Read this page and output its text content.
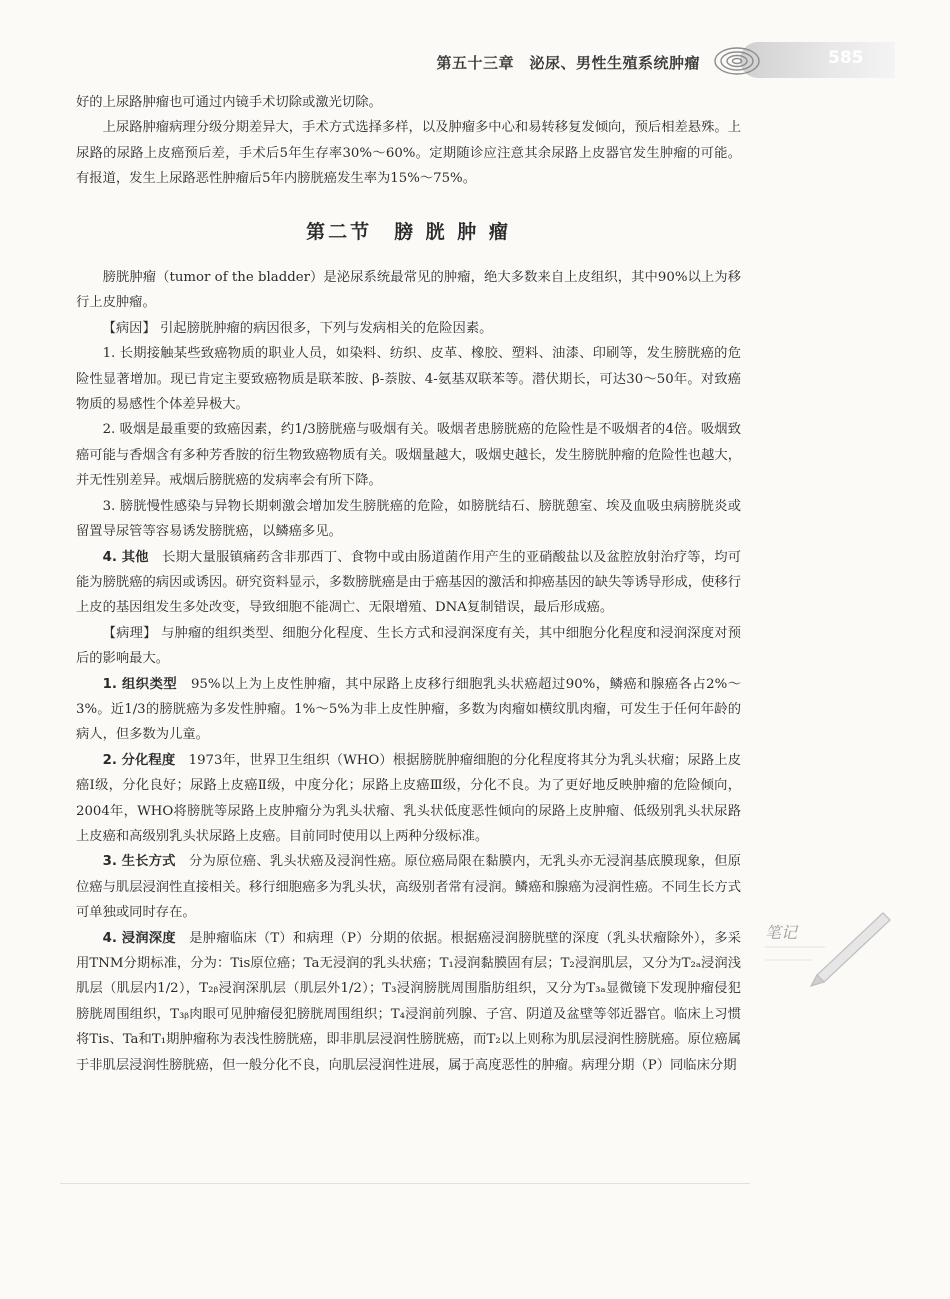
第五十三章　泌尿、男性生殖系统肿瘤	585

好的上尿路肿瘤也可通过内镜手术切除或激光切除。

上尿路肿瘤病理分级分期差异大，手术方式选择多样，以及肿瘤多中心和易转移复发倾向，预后相差悬殊。上尿路的尿路上皮癌预后差，手术后5年生存率30%～60%。定期随诊应注意其余尿路上皮器官发生肿瘤的可能。有报道，发生上尿路恶性肿瘤后5年内膀胱癌发生率为15%～75%。

第二节　膀 胱 肿 瘤

膀胱肿瘤（tumor of the bladder）是泌尿系统最常见的肿瘤，绝大多数来自上皮组织，其中90%以上为移行上皮肿瘤。

【病因】 引起膀胱肿瘤的病因很多，下列与发病相关的危险因素。

1. 长期接触某些致癌物质的职业人员，如染料、纺织、皮革、橡胶、塑料、油漆、印刷等，发生膀胱癌的危险性显著增加。现已肯定主要致癌物质是联苯胺、β-萘胺、4-氨基双联苯等。潜伏期长，可达30～50年。对致癌物质的易感性个体差异极大。

2. 吸烟是最重要的致癌因素，约1/3膀胱癌与吸烟有关。吸烟者患膀胱癌的危险性是不吸烟者的4倍。吸烟致癌可能与香烟含有多种芳香胺的衍生物致癌物质有关。吸烟量越大，吸烟史越长，发生膀胱肿瘤的危险性也越大，并无性别差异。戒烟后膀胱癌的发病率会有所下降。

3. 膀胱慢性感染与异物长期刺激会增加发生膀胱癌的危险，如膀胱结石、膀胱憩室、埃及血吸虫病膀胱炎或留置导尿管等容易诱发膀胱癌，以鳞癌多见。

4. 其他　长期大量服镇痛药含非那西丁、食物中或由肠道菌作用产生的亚硝酸盐以及盆腔放射治疗等，均可能为膀胱癌的病因或诱因。研究资料显示，多数膀胱癌是由于癌基因的激活和抑癌基因的缺失等诱导形成，使移行上皮的基因组发生多处改变，导致细胞不能凋亡、无限增殖、DNA复制错误，最后形成癌。

【病理】 与肿瘤的组织类型、细胞分化程度、生长方式和浸润深度有关，其中细胞分化程度和浸润深度对预后的影响最大。

1. 组织类型　95%以上为上皮性肿瘤，其中尿路上皮移行细胞乳头状癌超过90%，鳞癌和腺癌各占2%～3%。近1/3的膀胱癌为多发性肿瘤。1%～5%为非上皮性肿瘤，多数为肉瘤如横纹肌肉瘤，可发生于任何年龄的病人，但多数为儿童。

2. 分化程度　1973年，世界卫生组织（WHO）根据膀胱肿瘤细胞的分化程度将其分为乳头状瘤；尿路上皮癌Ⅰ级，分化良好；尿路上皮癌Ⅱ级，中度分化；尿路上皮癌Ⅲ级，分化不良。为了更好地反映肿瘤的危险倾向，2004年，WHO将膀胱等尿路上皮肿瘤分为乳头状瘤、乳头状低度恶性倾向的尿路上皮肿瘤、低级别乳头状尿路上皮癌和高级别乳头状尿路上皮癌。目前同时使用以上两种分级标准。

3. 生长方式　分为原位癌、乳头状癌及浸润性癌。原位癌局限在黏膜内，无乳头亦无浸润基底膜现象，但原位癌与肌层浸润性直接相关。移行细胞癌多为乳头状，高级别者常有浸润。鳞癌和腺癌为浸润性癌。不同生长方式可单独或同时存在。

4. 浸润深度　是肿瘤临床（T）和病理（P）分期的依据。根据癌浸润膀胱壁的深度（乳头状瘤除外），多采用TNM分期标准，分为：Tis原位癌；Ta无浸润的乳头状癌；T₁浸润黏膜固有层；T₂浸润肌层，又分为T₂ₐ浸润浅肌层（肌层内1/2），T₂ᵦ浸润深肌层（肌层外1/2）；T₃浸润膀胱周围脂肪组织，又分为T₃ₐ显微镜下发现肿瘤侵犯膀胱周围组织，T₃ᵦ肉眼可见肿瘤侵犯膀胱周围组织；T₄浸润前列腺、子宫、阴道及盆壁等邻近器官。临床上习惯将Tis、Ta和T₁期肿瘤称为表浅性膀胱癌，即非肌层浸润性膀胱癌，而T₂以上则称为肌层浸润性膀胱癌。原位癌属于非肌层浸润性膀胱癌，但一般分化不良，向肌层浸润性进展，属于高度恶性的肿瘤。病理分期（P）同临床分期

笔记
